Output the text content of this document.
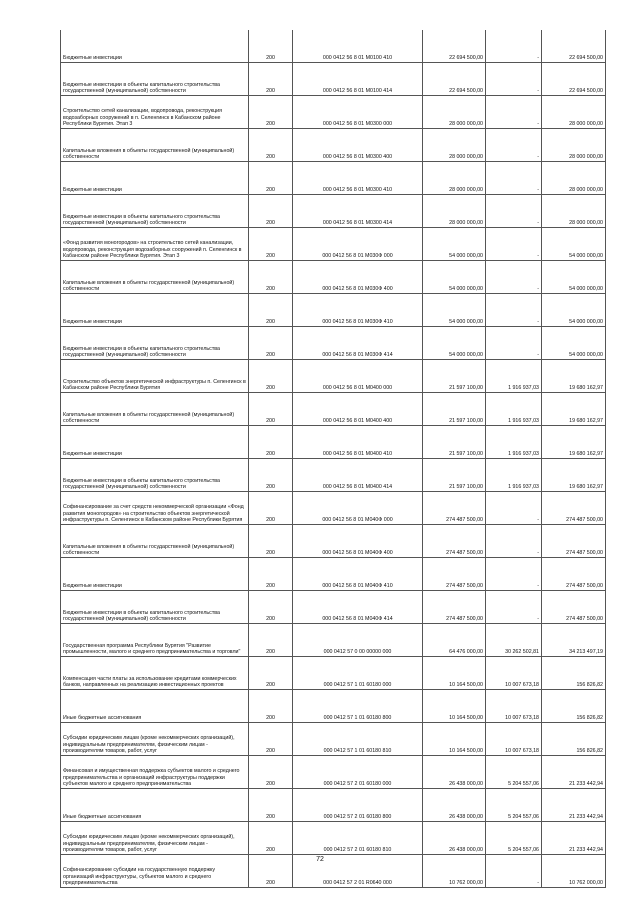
Бюджетные инвестиции	200	000 0412 56 8 01 М0100 410	22 694 500,00	-	22 694 500,00
Бюджетные инвестиции в объекты капитального строительства государственной (муниципальной) собственности	200	000 0412 56 8 01 М0100 414	22 694 500,00	-	22 694 500,00
Строительство сетей канализации, водопровода, реконструкция водозаборных сооружений в п. Селенгинск в Кабанском районе Республики Бурятия. Этап 3	200	000 0412 56 8 01 М0300 000	28 000 000,00	-	28 000 000,00
Капитальные вложения в объекты государственной (муниципальной) собственности	200	000 0412 56 8 01 М0300 400	28 000 000,00	-	28 000 000,00
Бюджетные инвестиции	200	000 0412 56 8 01 М0300 410	28 000 000,00	-	28 000 000,00
Бюджетные инвестиции в объекты капитального строительства государственной (муниципальной) собственности	200	000 0412 56 8 01 М0300 414	28 000 000,00	-	28 000 000,00
«Фонд развития моногородов» на строительство сетей канализации, водопровода, реконструкция водозаборных сооружений п. Селенгинск в Кабанском районе Республики Бурятия. Этап 3	200	000 0412 56 8 01 М030Ф 000	54 000 000,00	-	54 000 000,00
Капитальные вложения в объекты государственной (муниципальной) собственности	200	000 0412 56 8 01 М030Ф 400	54 000 000,00	-	54 000 000,00
Бюджетные инвестиции	200	000 0412 56 8 01 М030Ф 410	54 000 000,00	-	54 000 000,00
Бюджетные инвестиции в объекты капитального строительства государственной (муниципальной) собственности	200	000 0412 56 8 01 М030Ф 414	54 000 000,00	-	54 000 000,00
Строительство объектов энергетической инфраструктуры п. Селенгинск в Кабанском районе Республики Бурятия	200	000 0412 56 8 01 М0400 000	21 597 100,00	1 916 937,03	19 680 162,97
Капитальные вложения в объекты государственной (муниципальной) собственности	200	000 0412 56 8 01 М0400 400	21 597 100,00	1 916 937,03	19 680 162,97
Бюджетные инвестиции	200	000 0412 56 8 01 М0400 410	21 597 100,00	1 916 937,03	19 680 162,97
Бюджетные инвестиции в объекты капитального строительства государственной (муниципальной) собственности	200	000 0412 56 8 01 М0400 414	21 597 100,00	1 916 937,03	19 680 162,97
Софинансирование за счет средств некоммерческой организации «Фонд развития моногородов» на строительство объектов энергетической инфраструктуры п. Селенгинск в Кабанском районе Республики Бурятия	200	000 0412 56 8 01 М040Ф 000	274 487 500,00	-	274 487 500,00
Капитальные вложения в объекты государственной (муниципальной) собственности	200	000 0412 56 8 01 М040Ф 400	274 487 500,00	-	274 487 500,00
Бюджетные инвестиции	200	000 0412 56 8 01 М040Ф 410	274 487 500,00	-	274 487 500,00
Бюджетные инвестиции в объекты капитального строительства государственной (муниципальной) собственности	200	000 0412 56 8 01 М040Ф 414	274 487 500,00	-	274 487 500,00
Государственная программа Республики Бурятия "Развитие промышленности, малого и среднего предпринимательства и торговли"	200	000 0412 57 0 00 00000 000	64 476 000,00	30 262 502,81	34 213 497,19
Компенсация части платы за использование кредитами коммерческих банков, направленных на реализацию инвестиционных проектов	200	000 0412 57 1 01 60180 000	10 164 500,00	10 007 673,18	156 826,82
Иные бюджетные ассигнования	200	000 0412 57 1 01 60180 800	10 164 500,00	10 007 673,18	156 826,82
Субсидии юридическим лицам (кроме некоммерческих организаций), индивидуальным предпринимателям, физическим лицам - производителям товаров, работ, услуг	200	000 0412 57 1 01 60180 810	10 164 500,00	10 007 673,18	156 826,82
Финансовая и имущественная поддержка субъектов малого и среднего предпринимательства и организаций инфраструктуры поддержки субъектов малого и среднего предпринимательства	200	000 0412 57 2 01 60180 000	26 438 000,00	5 204 557,06	21 233 442,94
Иные бюджетные ассигнования	200	000 0412 57 2 01 60180 800	26 438 000,00	5 204 557,06	21 233 442,94
Субсидии юридическим лицам (кроме некоммерческих организаций), индивидуальным предпринимателям, физическим лицам - производителям товаров, работ, услуг	200	000 0412 57 2 01 60180 810	26 438 000,00	5 204 557,06	21 233 442,94
Софинансирование субсидии на государственную поддержку организаций инфраструктуры, субъектов малого и среднего предпринимательства	200	000 0412 57 2 01 R0640 000	10 762 000,00	-	10 762 000,00
72
